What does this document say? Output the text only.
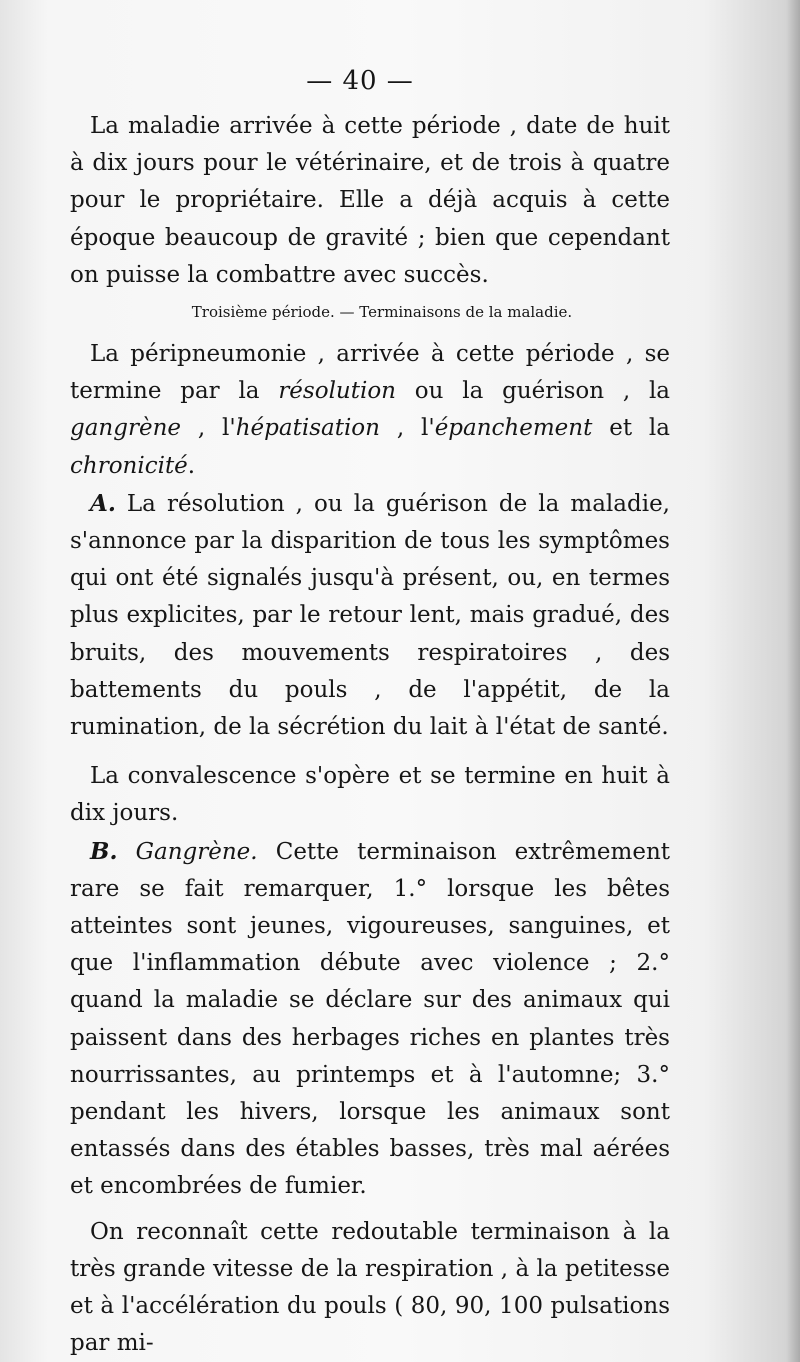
— 40 —

La maladie arrivée à cette période , date de huit à dix jours pour le vétérinaire, et de trois à quatre pour le propriétaire. Elle a déjà acquis à cette époque beaucoup de gravité ; bien que cependant on puisse la combattre avec succès.

Troisième période. — Terminaisons de la maladie.

La péripneumonie , arrivée à cette période , se termine par la résolution ou la guérison , la gangrène , l'hépatisation , l'épanchement et la chronicité.

A. La résolution , ou la guérison de la maladie, s'annonce par la disparition de tous les symptômes qui ont été signalés jusqu'à présent, ou, en termes plus explicites, par le retour lent, mais gradué, des bruits, des mouvements respiratoires , des battements du pouls , de l'appétit, de la rumination, de la sécrétion du lait à l'état de santé.

La convalescence s'opère et se termine en huit à dix jours.

B. Gangrène. Cette terminaison extrêmement rare se fait remarquer, 1.° lorsque les bêtes atteintes sont jeunes, vigoureuses, sanguines, et que l'inflammation débute avec violence ; 2.° quand la maladie se déclare sur des animaux qui paissent dans des herbages riches en plantes très nourrissantes, au printemps et à l'automne; 3.° pendant les hivers, lorsque les animaux sont entassés dans des étables basses, très mal aérées et encombrées de fumier.

On reconnaît cette redoutable terminaison à la très grande vitesse de la respiration , à la petitesse et à l'accélération du pouls ( 80, 90, 100 pulsations par mi-
